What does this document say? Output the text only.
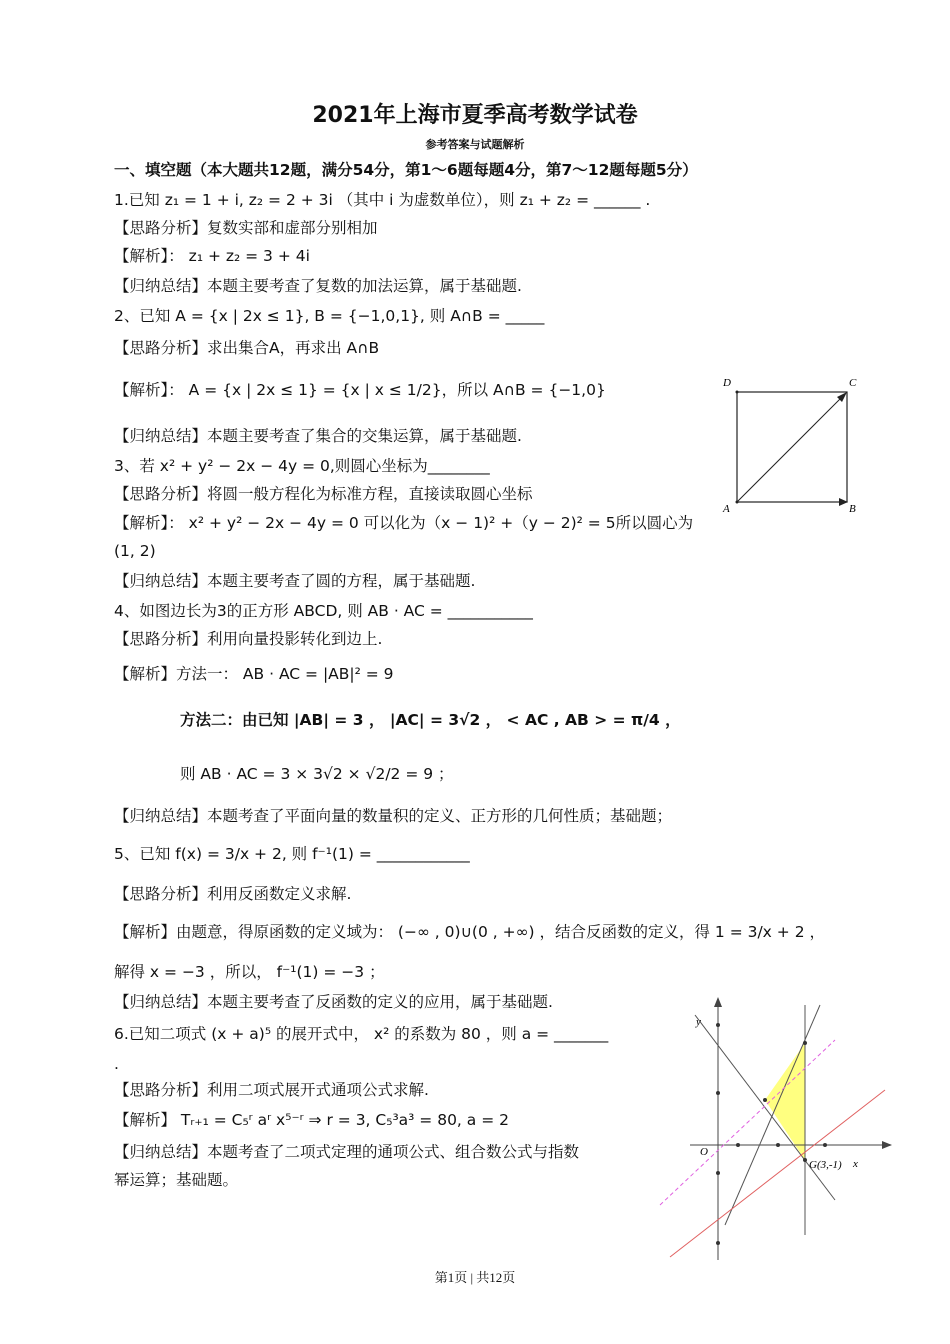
2021年上海市夏季高考数学试卷
参考答案与试题解析
一、填空题（本大题共12题，满分54分，第1～6题每题4分，第7～12题每题5分）
1.已知 z₁ = 1 + i, z₂ = 2 + 3i （其中 i 为虚数单位），则 z₁ + z₂ = ______ .
【思路分析】复数实部和虚部分别相加
【解析】： z₁ + z₂ = 3 + 4i
【归纳总结】本题主要考查了复数的加法运算，属于基础题.
2、已知 A = {x | 2x ≤ 1}, B = {−1,0,1}, 则 A∩B = _____
【思路分析】求出集合A，再求出 A∩B
【解析】： A = {x | 2x ≤ 1} = {x | x ≤ 1/2}，所以 A∩B = {−1,0}
【归纳总结】本题主要考查了集合的交集运算，属于基础题.
3、若 x² + y² − 2x − 4y = 0,则圆心坐标为________
【思路分析】将圆一般方程化为标准方程，直接读取圆心坐标
【解析】： x² + y² − 2x − 4y = 0 可以化为（x − 1)² +（y − 2)² = 5所以圆心为
(1, 2)
【归纳总结】本题主要考查了圆的方程，属于基础题.
4、如图边长为3的正方形 ABCD, 则 AB · AC = ___________
【思路分析】利用向量投影转化到边上.
【解析】方法一： AB · AC = |AB|² = 9
方法二：由已知 |AB| = 3 ， |AC| = 3√2 ， < AC , AB > = π/4 ，
则 AB · AC = 3 × 3√2 × √2/2 = 9 ；
【归纳总结】本题考查了平面向量的数量积的定义、正方形的几何性质；基础题；
5、已知 f(x) = 3/x + 2, 则 f⁻¹(1) = ____________
【思路分析】利用反函数定义求解.
【解析】由题意，得原函数的定义域为： (−∞ , 0)∪(0 , +∞) ，结合反函数的定义，得 1 = 3/x + 2 ，
解得 x = −3 ，所以， f⁻¹(1) = −3 ；
【归纳总结】本题主要考查了反函数的定义的应用，属于基础题.
6.已知二项式 (x + a)⁵ 的展开式中， x² 的系数为 80 ，则 a = _______
.
【思路分析】利用二项式展开式通项公式求解.
【解析】 Tᵣ₊₁ = C₅ʳ aʳ x⁵⁻ʳ ⇒ r = 3, C₅³a³ = 80, a = 2
【归纳总结】本题考查了二项式定理的通项公式、组合数公式与指数
幂运算；基础题。
D	C
A	B
y
O
x
G(3,-1)
第1页 | 共12页
